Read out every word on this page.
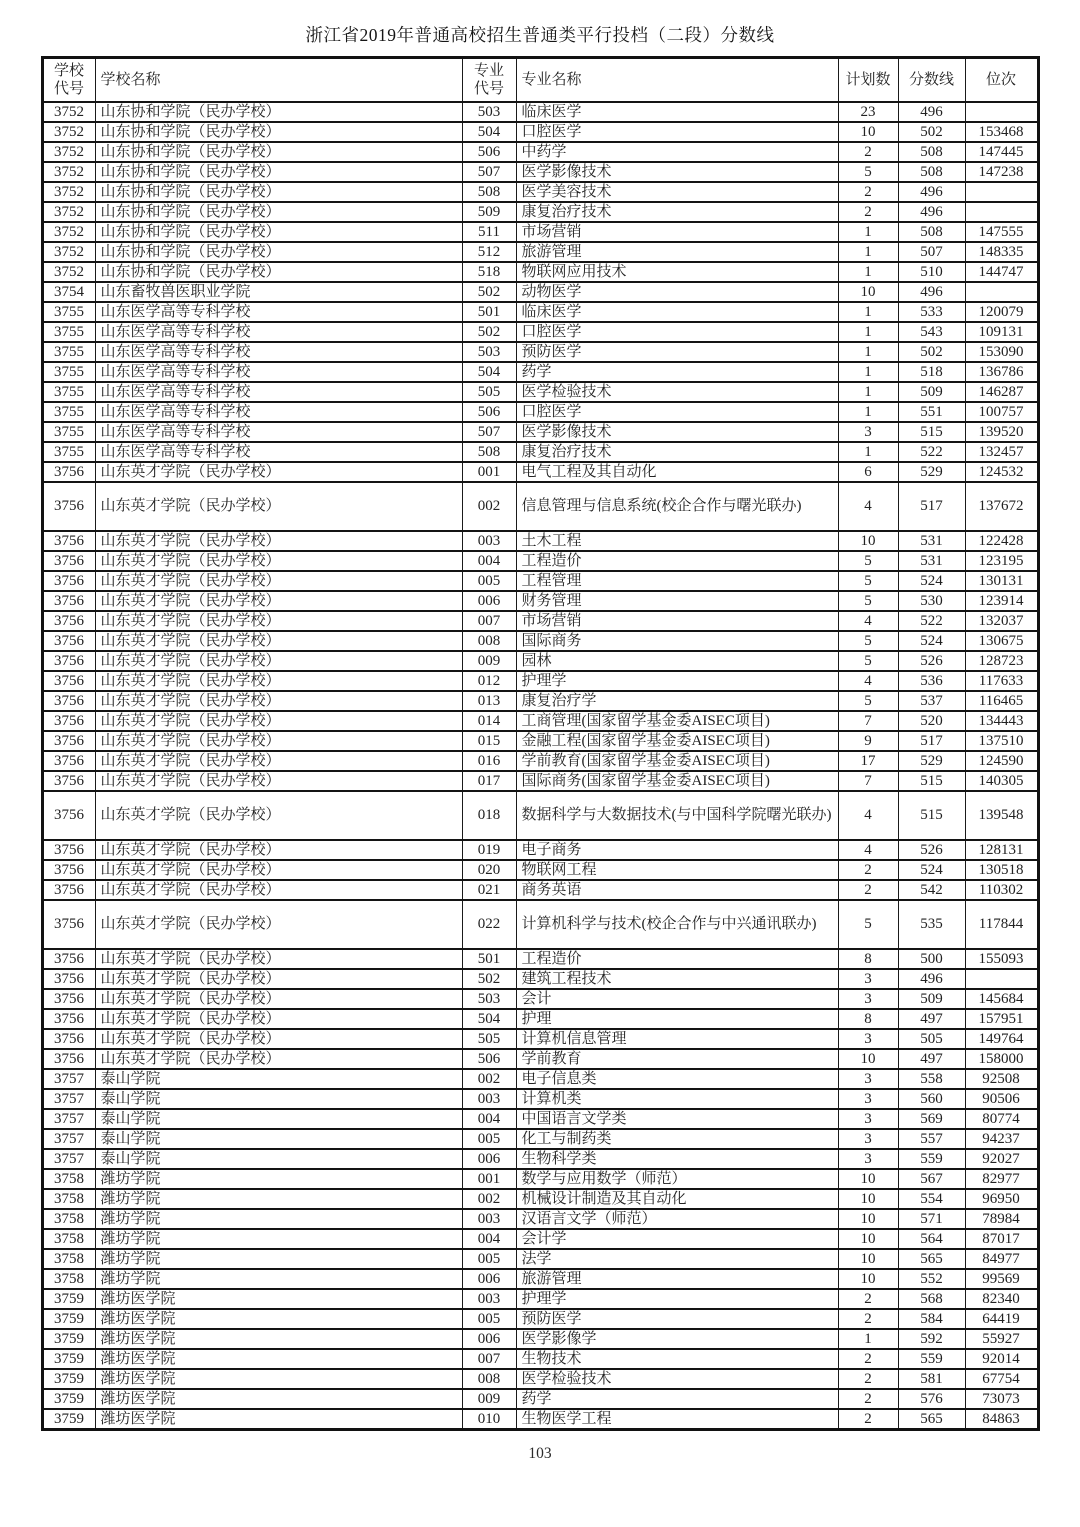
浙江省2019年普通高校招生普通类平行投档（二段）分数线
学校代号	学校名称	专业代号	专业名称	计划数	分数线	位次
3752	山东协和学院（民办学校）	503	临床医学	23	496	
3752	山东协和学院（民办学校）	504	口腔医学	10	502	153468
3752	山东协和学院（民办学校）	506	中药学	2	508	147445
3752	山东协和学院（民办学校）	507	医学影像技术	5	508	147238
3752	山东协和学院（民办学校）	508	医学美容技术	2	496	
3752	山东协和学院（民办学校）	509	康复治疗技术	2	496	
3752	山东协和学院（民办学校）	511	市场营销	1	508	147555
3752	山东协和学院（民办学校）	512	旅游管理	1	507	148335
3752	山东协和学院（民办学校）	518	物联网应用技术	1	510	144747
3754	山东畜牧兽医职业学院	502	动物医学	10	496	
3755	山东医学高等专科学校	501	临床医学	1	533	120079
3755	山东医学高等专科学校	502	口腔医学	1	543	109131
3755	山东医学高等专科学校	503	预防医学	1	502	153090
3755	山东医学高等专科学校	504	药学	1	518	136786
3755	山东医学高等专科学校	505	医学检验技术	1	509	146287
3755	山东医学高等专科学校	506	口腔医学	1	551	100757
3755	山东医学高等专科学校	507	医学影像技术	3	515	139520
3755	山东医学高等专科学校	508	康复治疗技术	1	522	132457
3756	山东英才学院（民办学校）	001	电气工程及其自动化	6	529	124532
3756	山东英才学院（民办学校）	002	信息管理与信息系统(校企合作与曙光联办)	4	517	137672
3756	山东英才学院（民办学校）	003	土木工程	10	531	122428
3756	山东英才学院（民办学校）	004	工程造价	5	531	123195
3756	山东英才学院（民办学校）	005	工程管理	5	524	130131
3756	山东英才学院（民办学校）	006	财务管理	5	530	123914
3756	山东英才学院（民办学校）	007	市场营销	4	522	132037
3756	山东英才学院（民办学校）	008	国际商务	5	524	130675
3756	山东英才学院（民办学校）	009	园林	5	526	128723
3756	山东英才学院（民办学校）	012	护理学	4	536	117633
3756	山东英才学院（民办学校）	013	康复治疗学	5	537	116465
3756	山东英才学院（民办学校）	014	工商管理(国家留学基金委AISEC项目)	7	520	134443
3756	山东英才学院（民办学校）	015	金融工程(国家留学基金委AISEC项目)	9	517	137510
3756	山东英才学院（民办学校）	016	学前教育(国家留学基金委AISEC项目)	17	529	124590
3756	山东英才学院（民办学校）	017	国际商务(国家留学基金委AISEC项目)	7	515	140305
3756	山东英才学院（民办学校）	018	数据科学与大数据技术(与中国科学院曙光联办)	4	515	139548
3756	山东英才学院（民办学校）	019	电子商务	4	526	128131
3756	山东英才学院（民办学校）	020	物联网工程	2	524	130518
3756	山东英才学院（民办学校）	021	商务英语	2	542	110302
3756	山东英才学院（民办学校）	022	计算机科学与技术(校企合作与中兴通讯联办)	5	535	117844
3756	山东英才学院（民办学校）	501	工程造价	8	500	155093
3756	山东英才学院（民办学校）	502	建筑工程技术	3	496	
3756	山东英才学院（民办学校）	503	会计	3	509	145684
3756	山东英才学院（民办学校）	504	护理	8	497	157951
3756	山东英才学院（民办学校）	505	计算机信息管理	3	505	149764
3756	山东英才学院（民办学校）	506	学前教育	10	497	158000
3757	泰山学院	002	电子信息类	3	558	92508
3757	泰山学院	003	计算机类	3	560	90506
3757	泰山学院	004	中国语言文学类	3	569	80774
3757	泰山学院	005	化工与制药类	3	557	94237
3757	泰山学院	006	生物科学类	3	559	92027
3758	潍坊学院	001	数学与应用数学（师范）	10	567	82977
3758	潍坊学院	002	机械设计制造及其自动化	10	554	96950
3758	潍坊学院	003	汉语言文学（师范）	10	571	78984
3758	潍坊学院	004	会计学	10	564	87017
3758	潍坊学院	005	法学	10	565	84977
3758	潍坊学院	006	旅游管理	10	552	99569
3759	潍坊医学院	003	护理学	2	568	82340
3759	潍坊医学院	005	预防医学	2	584	64419
3759	潍坊医学院	006	医学影像学	1	592	55927
3759	潍坊医学院	007	生物技术	2	559	92014
3759	潍坊医学院	008	医学检验技术	2	581	67754
3759	潍坊医学院	009	药学	2	576	73073
3759	潍坊医学院	010	生物医学工程	2	565	84863
103
